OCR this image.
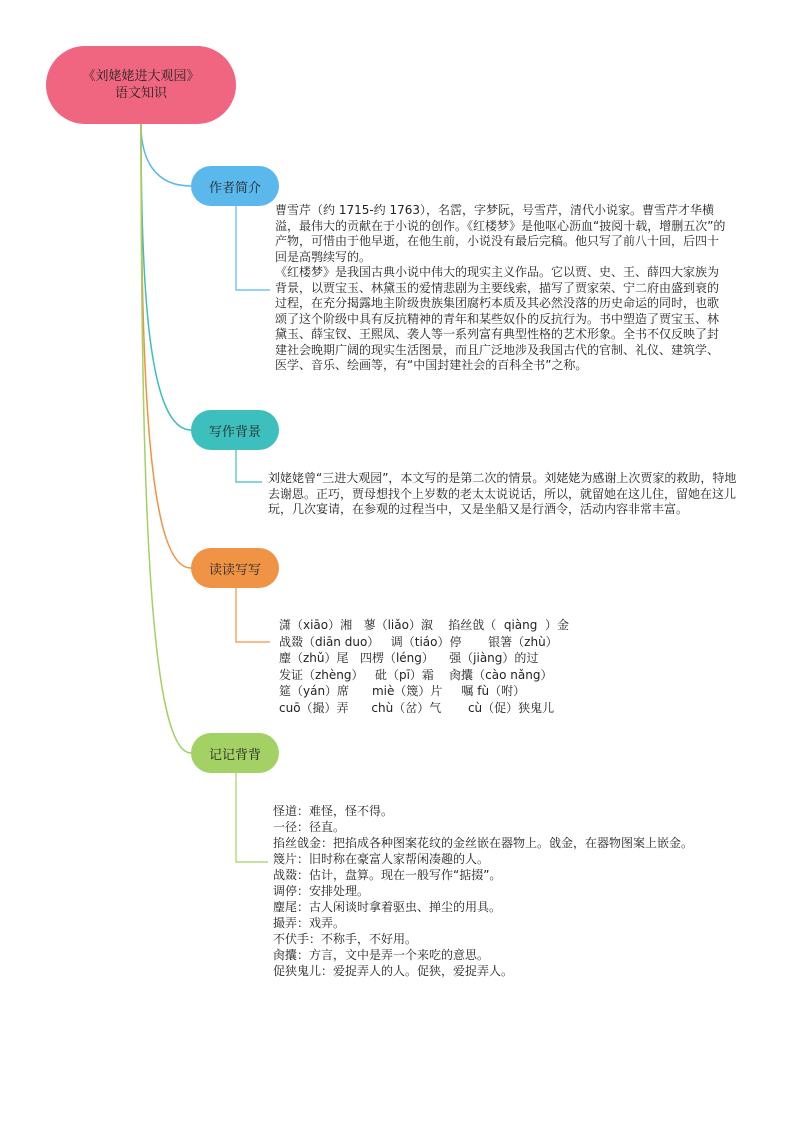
《刘姥姥进大观园》
语文知识
作者简介
写作背景
读读写写
记记背背

曹雪芹（约 1715-约 1763），名霑，字梦阮，号雪芹，清代小说家。曹雪芹才华横溢，最伟大的贡献在于小说的创作。《红楼梦》是他呕心沥血“披阅十载，增删五次”的产物，可惜由于他早逝，在他生前，小说没有最后完稿。他只写了前八十回，后四十回是高鹗续写的。

《红楼梦》是我国古典小说中伟大的现实主义作品。它以贾、史、王、薛四大家族为背景，以贾宝玉、林黛玉的爱情悲剧为主要线索，描写了贾家荣、宁二府由盛到衰的过程，在充分揭露地主阶级贵族集团腐朽本质及其必然没落的历史命运的同时，也歌颂了这个阶级中具有反抗精神的青年和某些奴仆的反抗行为。书中塑造了贾宝玉、林黛玉、薛宝钗、王熙凤、袭人等一系列富有典型性格的艺术形象。全书不仅反映了封建社会晚期广阔的现实生活图景，而且广泛地涉及我国古代的官制、礼仪、建筑学、医学、音乐、绘画等，有“中国封建社会的百科全书”之称。

刘姥姥曾“三进大观园”，本文写的是第二次的情景。刘姥姥为感谢上次贾家的救助，特地去谢恩。正巧，贾母想找个上岁数的老太太说说话，所以，就留她在这儿住，留她在这儿玩，几次宴请，在参观的过程当中，又是坐船又是行酒令，活动内容非常丰富。

潇（xiāo）湘   蓼（liǎo）溆    掐丝戗（  qiàng  ）金
战敠（diān duo）   调（tiáo）停       银箸（zhù）
麈（zhǔ）尾   四楞（léng）    强（jiàng）的过
发证（zhèng）   砒（pī）霜    肏攮（cào nǎng）
筵（yán）席      miè（篾）片     嘱 fù（咐）
cuō（撮）弄      chù（岔）气       cù（促）狭鬼儿
怪道：难怪，怪不得。
一径：径直。
掐丝戗金：把掐成各种图案花纹的金丝嵌在器物上。戗金，在器物图案上嵌金。
篾片：旧时称在豪富人家帮闲凑趣的人。
战敠：估计，盘算。现在一般写作“掂掇”。
调停：安排处理。
麈尾：古人闲谈时拿着驱虫、掸尘的用具。
撮弄：戏弄。
不伏手：不称手，不好用。
肏攮：方言，文中是弄一个来吃的意思。
促狭鬼儿：爱捉弄人的人。促狭，爱捉弄人。
